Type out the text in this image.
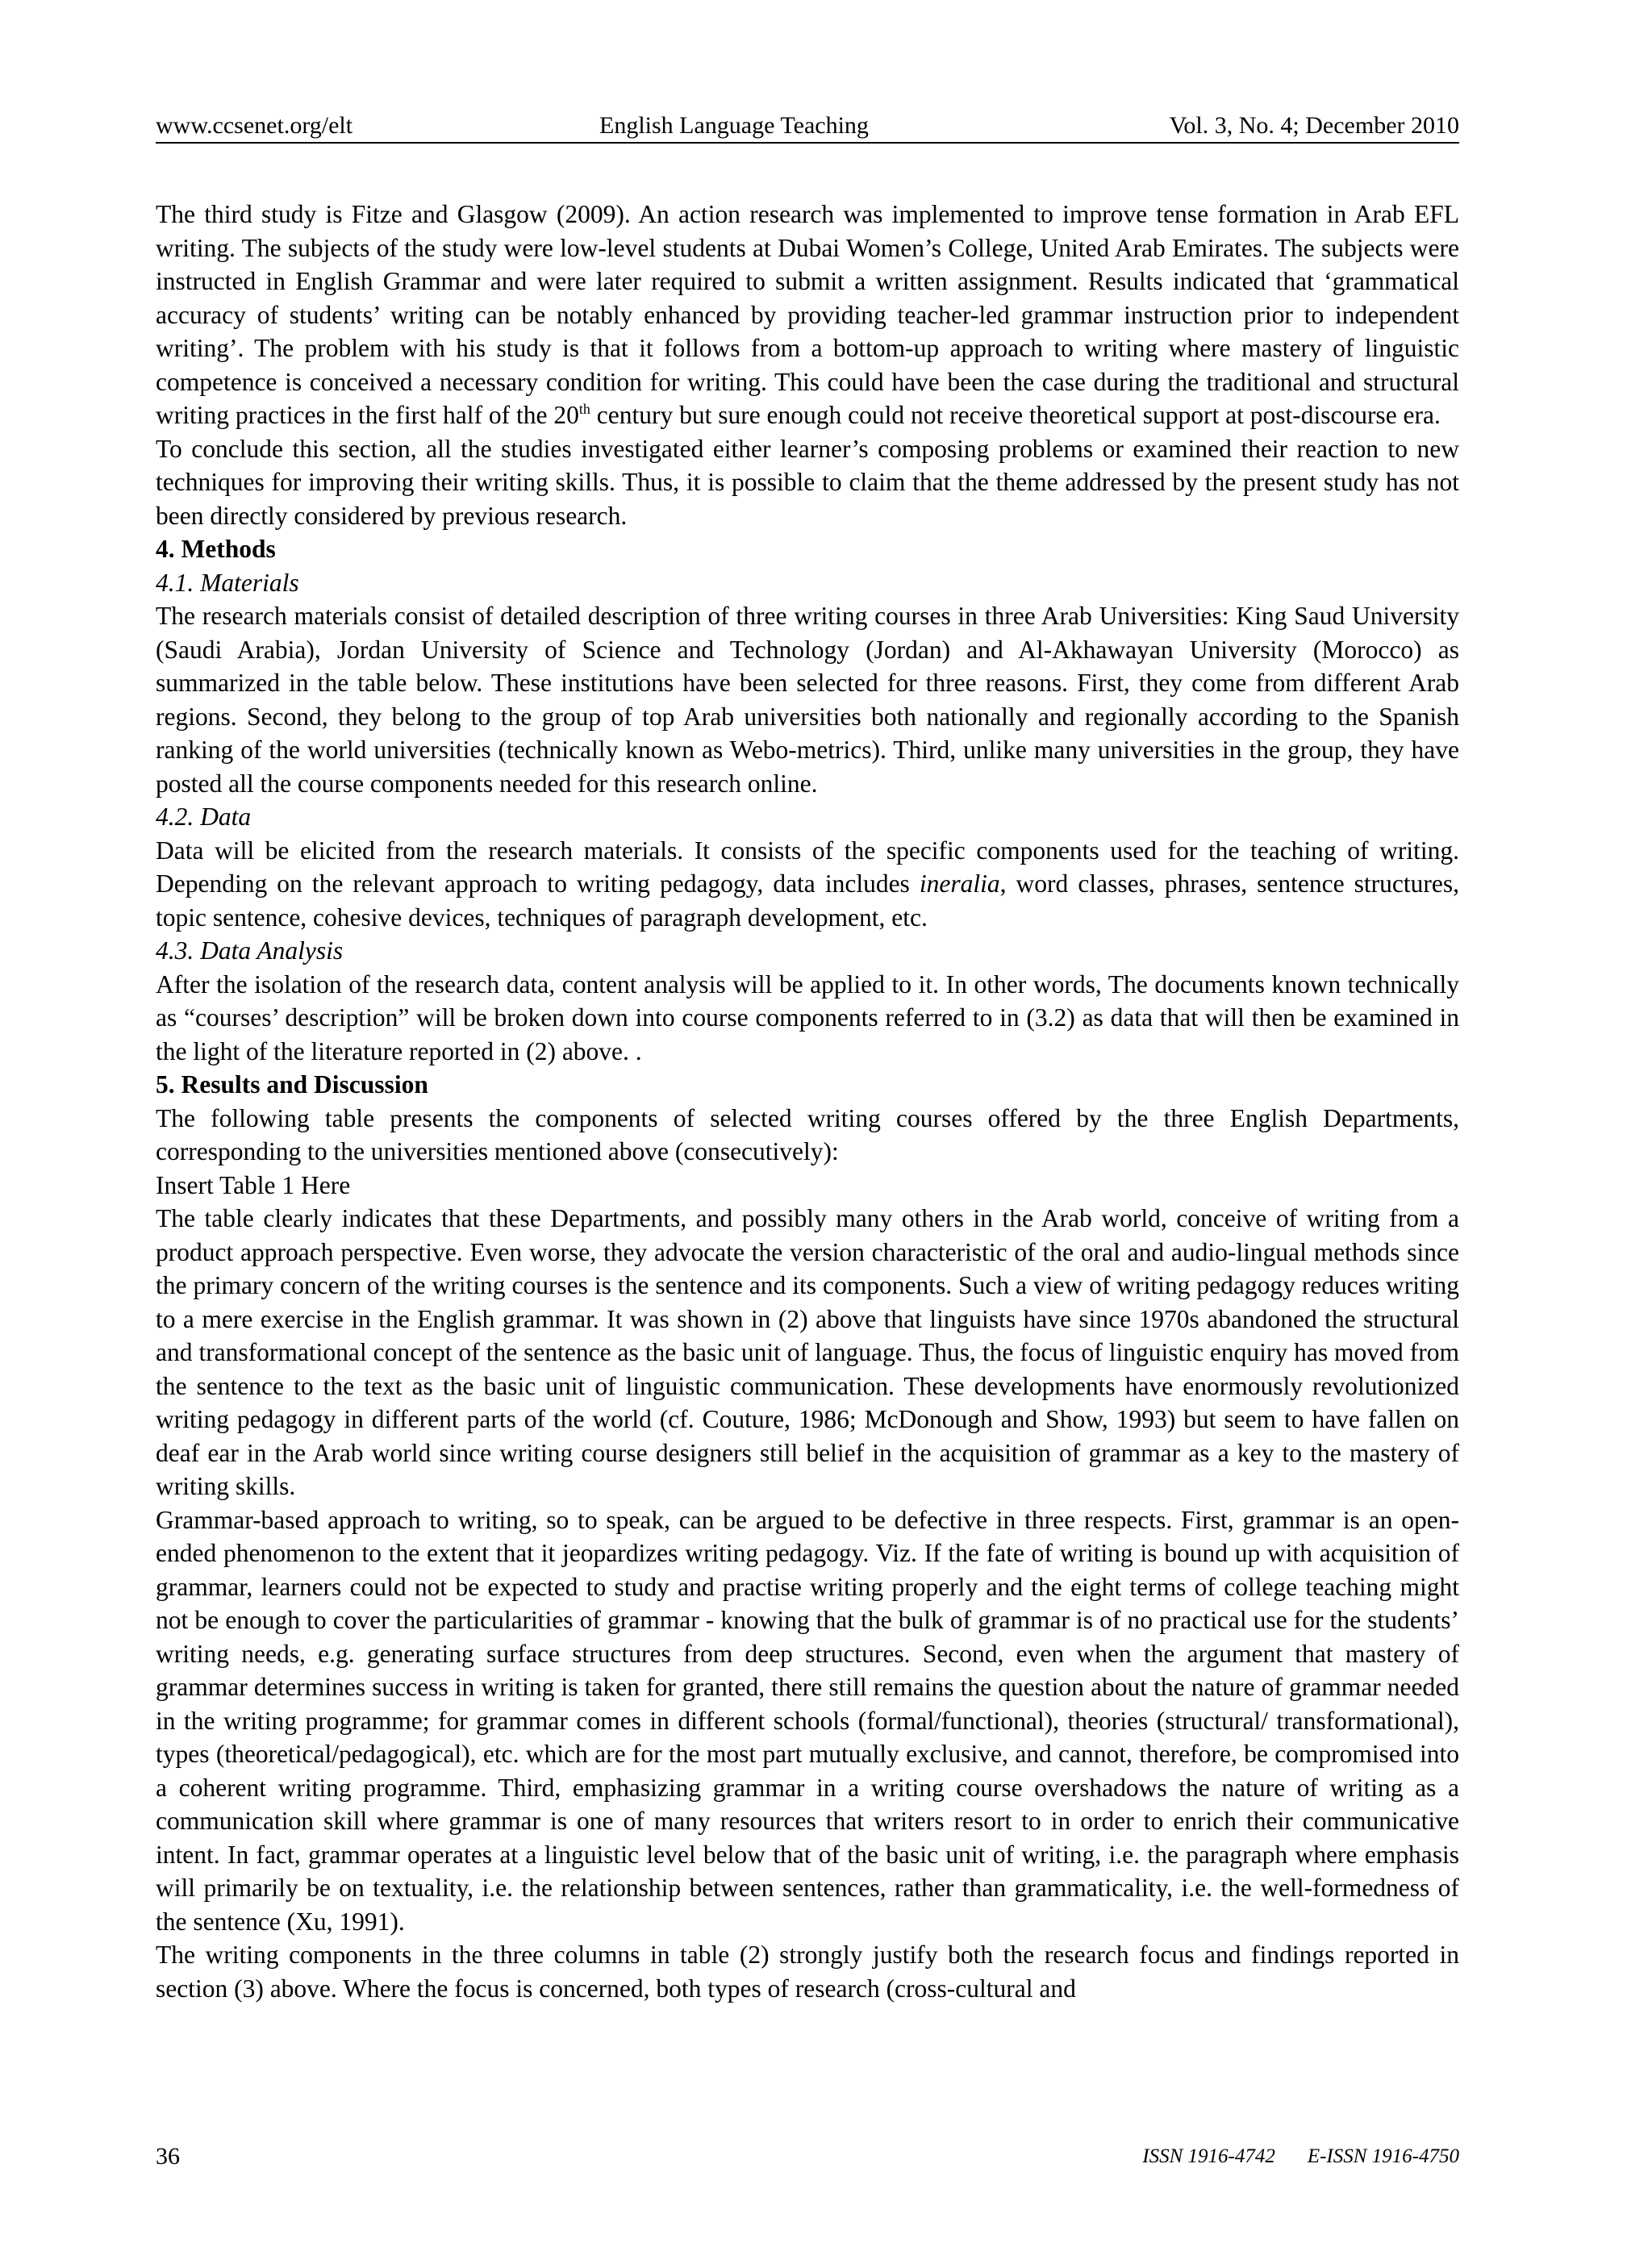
www.ccsenet.org/elt	English Language Teaching	Vol. 3, No. 4; December 2010

The third study is Fitze and Glasgow (2009). An action research was implemented to improve tense formation in Arab EFL writing. The subjects of the study were low-level students at Dubai Women’s College, United Arab Emirates. The subjects were instructed in English Grammar and were later required to submit a written assignment. Results indicated that ‘grammatical accuracy of students’ writing can be notably enhanced by providing teacher-led grammar instruction prior to independent writing’. The problem with his study is that it follows from a bottom-up approach to writing where mastery of linguistic competence is conceived a necessary condition for writing. This could have been the case during the traditional and structural writing practices in the first half of the 20th century but sure enough could not receive theoretical support at post-discourse era.

To conclude this section, all the studies investigated either learner’s composing problems or examined their reaction to new techniques for improving their writing skills. Thus, it is possible to claim that the theme addressed by the present study has not been directly considered by previous research.

4. Methods
4.1. Materials

The research materials consist of detailed description of three writing courses in three Arab Universities: King Saud University (Saudi Arabia), Jordan University of Science and Technology (Jordan) and Al-Akhawayan University (Morocco) as summarized in the table below. These institutions have been selected for three reasons. First, they come from different Arab regions. Second, they belong to the group of top Arab universities both nationally and regionally according to the Spanish ranking of the world universities (technically known as Webo-metrics). Third, unlike many universities in the group, they have posted all the course components needed for this research online.

4.2. Data

Data will be elicited from the research materials. It consists of the specific components used for the teaching of writing. Depending on the relevant approach to writing pedagogy, data includes ineralia, word classes, phrases, sentence structures, topic sentence, cohesive devices, techniques of paragraph development, etc.

4.3. Data Analysis

After the isolation of the research data, content analysis will be applied to it. In other words, The documents known technically as “courses’ description” will be broken down into course components referred to in (3.2) as data that will then be examined in the light of the literature reported in (2) above. .

5. Results and Discussion

The following table presents the components of selected writing courses offered by the three English Departments, corresponding to the universities mentioned above (consecutively):

Insert Table 1 Here

The table clearly indicates that these Departments, and possibly many others in the Arab world, conceive of writing from a product approach perspective. Even worse, they advocate the version characteristic of the oral and audio-lingual methods since the primary concern of the writing courses is the sentence and its components. Such a view of writing pedagogy reduces writing to a mere exercise in the English grammar. It was shown in (2) above that linguists have since 1970s abandoned the structural and transformational concept of the sentence as the basic unit of language. Thus, the focus of linguistic enquiry has moved from the sentence to the text as the basic unit of linguistic communication. These developments have enormously revolutionized writing pedagogy in different parts of the world (cf. Couture, 1986; McDonough and Show, 1993) but seem to have fallen on deaf ear in the Arab world since writing course designers still belief in the acquisition of grammar as a key to the mastery of writing skills.

Grammar-based approach to writing, so to speak, can be argued to be defective in three respects. First, grammar is an open-ended phenomenon to the extent that it jeopardizes writing pedagogy. Viz. If the fate of writing is bound up with acquisition of grammar, learners could not be expected to study and practise writing properly and the eight terms of college teaching might not be enough to cover the particularities of grammar - knowing that the bulk of grammar is of no practical use for the students’ writing needs, e.g. generating surface structures from deep structures. Second, even when the argument that mastery of grammar determines success in writing is taken for granted, there still remains the question about the nature of grammar needed in the writing programme; for grammar comes in different schools (formal/functional), theories (structural/ transformational), types (theoretical/pedagogical), etc. which are for the most part mutually exclusive, and cannot, therefore, be compromised into a coherent writing programme. Third, emphasizing grammar in a writing course overshadows the nature of writing as a communication skill where grammar is one of many resources that writers resort to in order to enrich their communicative intent. In fact, grammar operates at a linguistic level below that of the basic unit of writing, i.e. the paragraph where emphasis will primarily be on textuality, i.e. the relationship between sentences, rather than grammaticality, i.e. the well-formedness of the sentence (Xu, 1991).

The writing components in the three columns in table (2) strongly justify both the research focus and findings reported in section (3) above. Where the focus is concerned, both types of research (cross-cultural and

36	ISSN 1916-4742 E-ISSN 1916-4750
